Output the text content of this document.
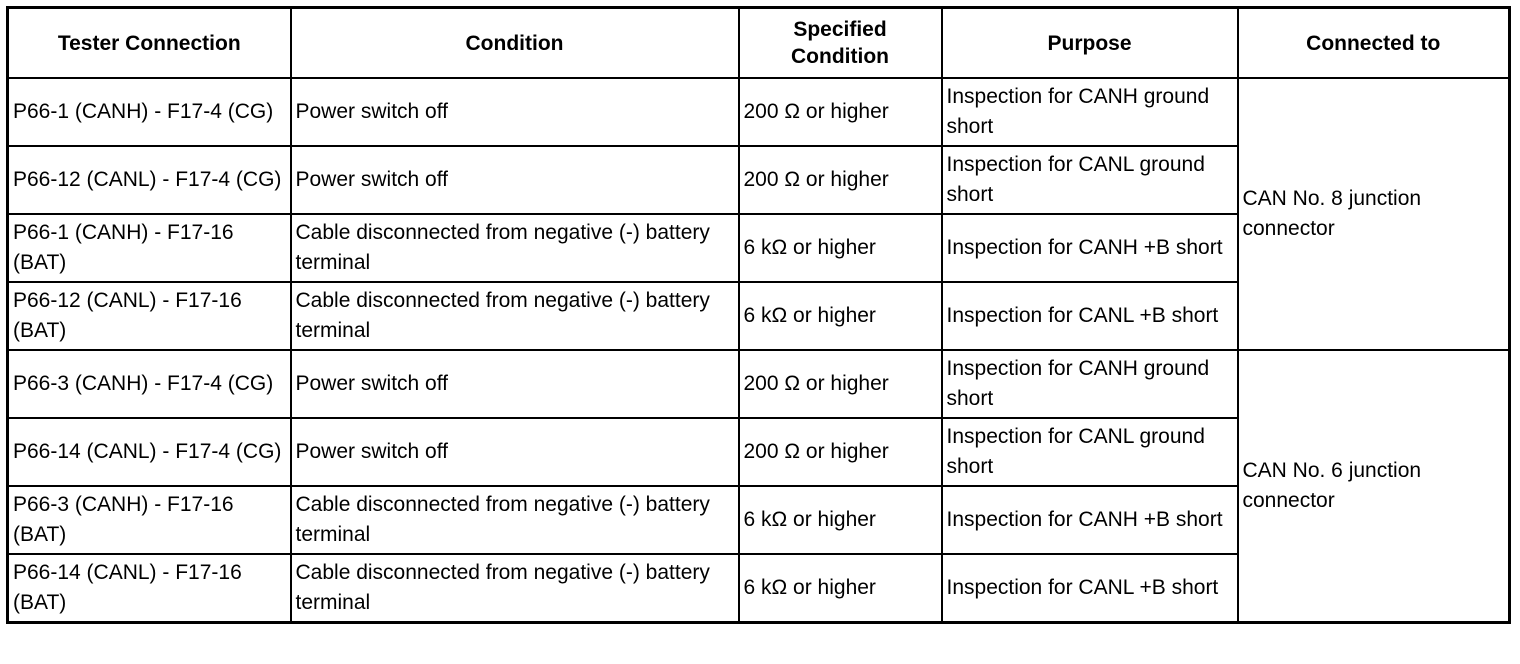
Tester Connection	Condition	Specified Condition	Purpose	Connected to
P66-1 (CANH) - F17-4 (CG)	Power switch off	200 Ω or higher	Inspection for CANH ground short	CAN No. 8 junction connector
P66-12 (CANL) - F17-4 (CG)	Power switch off	200 Ω or higher	Inspection for CANL ground short	
P66-1 (CANH) - F17-16 (BAT)	Cable disconnected from negative (-) battery terminal	6 kΩ or higher	Inspection for CANH +B short	
P66-12 (CANL) - F17-16 (BAT)	Cable disconnected from negative (-) battery terminal	6 kΩ or higher	Inspection for CANL +B short	
P66-3 (CANH) - F17-4 (CG)	Power switch off	200 Ω or higher	Inspection for CANH ground short	CAN No. 6 junction connector
P66-14 (CANL) - F17-4 (CG)	Power switch off	200 Ω or higher	Inspection for CANL ground short	
P66-3 (CANH) - F17-16 (BAT)	Cable disconnected from negative (-) battery terminal	6 kΩ or higher	Inspection for CANH +B short	
P66-14 (CANL) - F17-16 (BAT)	Cable disconnected from negative (-) battery terminal	6 kΩ or higher	Inspection for CANL +B short	
